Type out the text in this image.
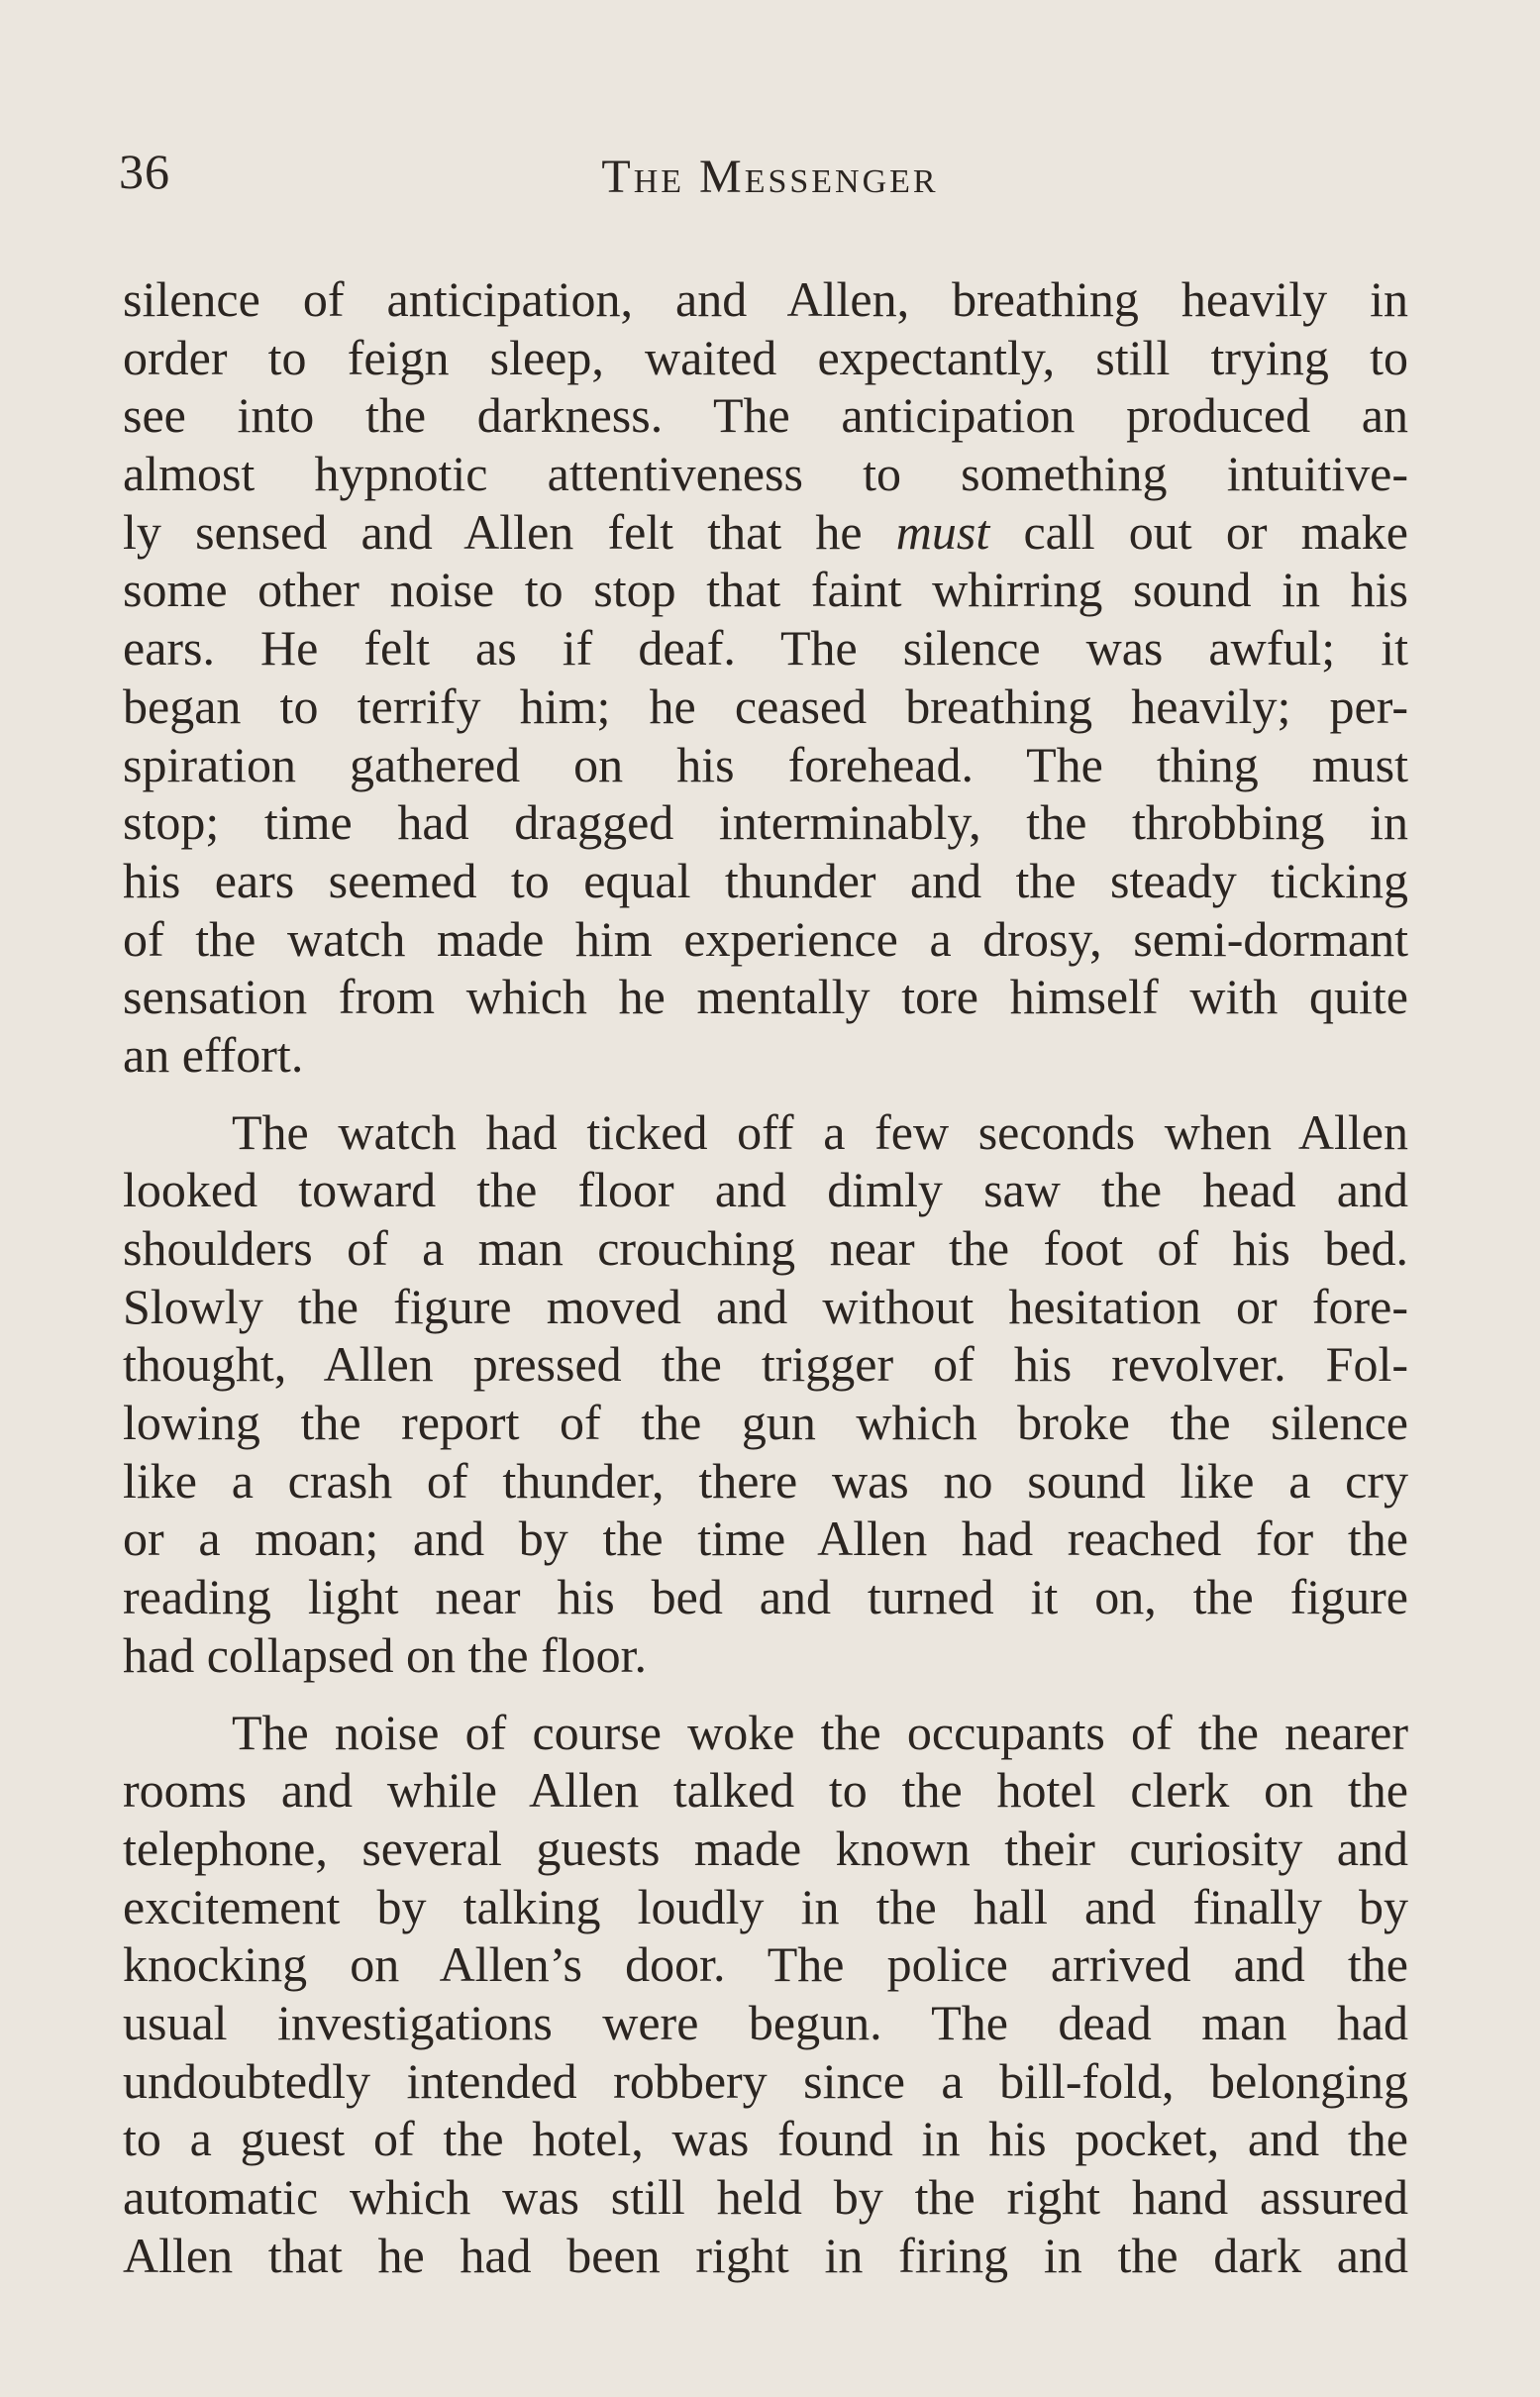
36	The Messenger
silence of anticipation, and Allen, breathing heavily in
order to feign sleep, waited expectantly, still trying to
see into the darkness. The anticipation produced an
almost hypnotic attentiveness to something intuitive-
ly sensed and Allen felt that he must call out or make
some other noise to stop that faint whirring sound in his
ears. He felt as if deaf. The silence was awful; it
began to terrify him; he ceased breathing heavily; per-
spiration gathered on his forehead. The thing must
stop; time had dragged interminably, the throbbing in
his ears seemed to equal thunder and the steady ticking
of the watch made him experience a drosy, semi-dormant
sensation from which he mentally tore himself with quite
an effort.
The watch had ticked off a few seconds when Allen
looked toward the floor and dimly saw the head and
shoulders of a man crouching near the foot of his bed.
Slowly the figure moved and without hesitation or fore-
thought, Allen pressed the trigger of his revolver. Fol-
lowing the report of the gun which broke the silence
like a crash of thunder, there was no sound like a cry
or a moan; and by the time Allen had reached for the
reading light near his bed and turned it on, the figure
had collapsed on the floor.
The noise of course woke the occupants of the nearer
rooms and while Allen talked to the hotel clerk on the
telephone, several guests made known their curiosity and
excitement by talking loudly in the hall and finally by
knocking on Allen’s door. The police arrived and the
usual investigations were begun. The dead man had
undoubtedly intended robbery since a bill-fold, belonging
to a guest of the hotel, was found in his pocket, and the
automatic which was still held by the right hand assured
Allen that he had been right in firing in the dark and
